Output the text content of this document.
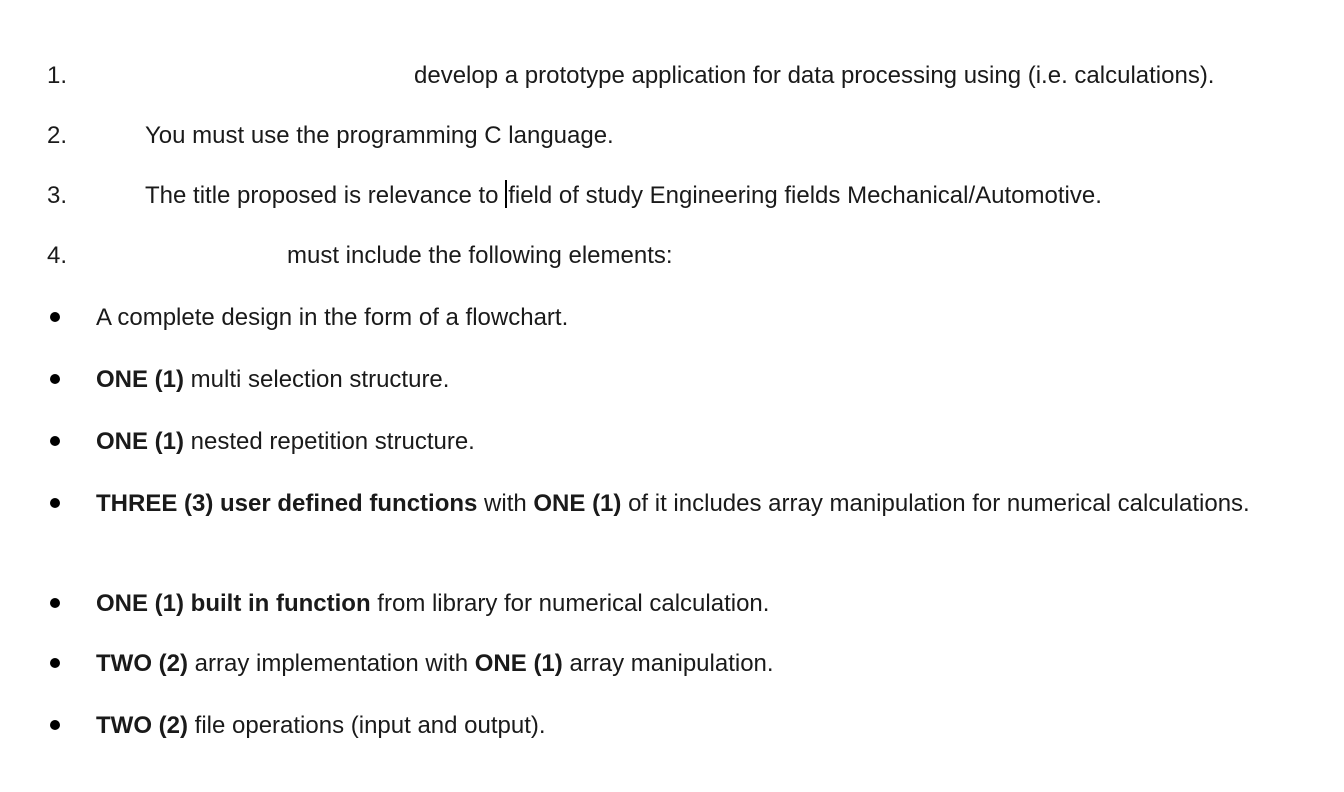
1.	develop a prototype application for data processing using (i.e. calculations).
2.	You must use the programming C language.
3.	The title proposed is relevance to field of study Engineering fields Mechanical/Automotive.
4.	must include the following elements:
A complete design in the form of a flowchart.
ONE (1) multi selection structure.
ONE (1) nested repetition structure.
THREE (3) user defined functions with ONE (1) of it includes array manipulation for numerical calculations.
ONE (1) built in function from library for numerical calculation.
TWO (2) array implementation with ONE (1) array manipulation.
TWO (2) file operations (input and output).
